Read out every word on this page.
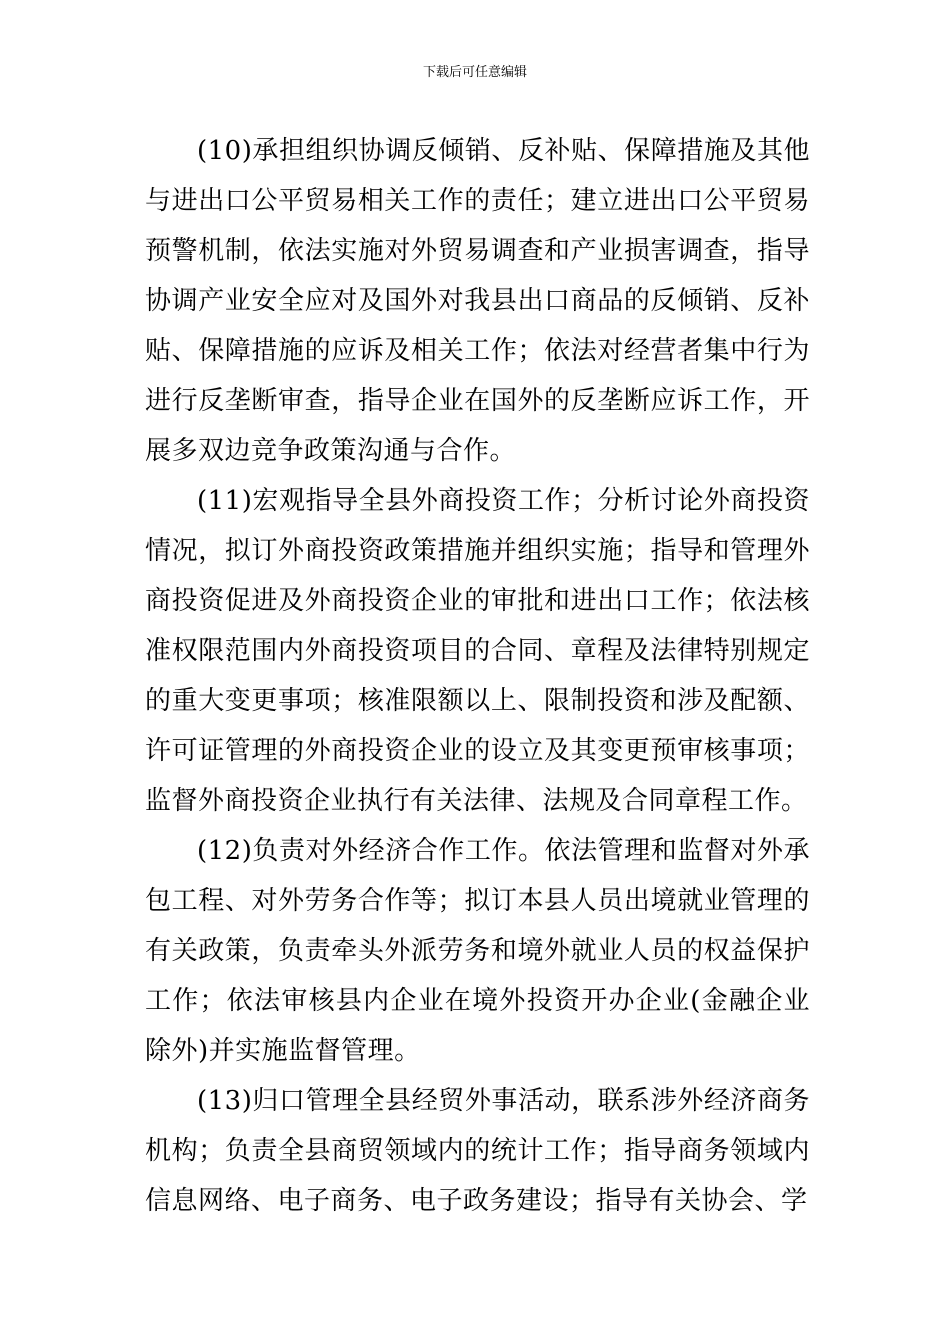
下载后可任意编辑

(10)承担组织协调反倾销、反补贴、保障措施及其他与进出口公平贸易相关工作的责任；建立进出口公平贸易预警机制，依法实施对外贸易调查和产业损害调查，指导协调产业安全应对及国外对我县出口商品的反倾销、反补贴、保障措施的应诉及相关工作；依法对经营者集中行为进行反垄断审查，指导企业在国外的反垄断应诉工作，开展多双边竞争政策沟通与合作。

(11)宏观指导全县外商投资工作；分析讨论外商投资情况，拟订外商投资政策措施并组织实施；指导和管理外商投资促进及外商投资企业的审批和进出口工作；依法核准权限范围内外商投资项目的合同、章程及法律特别规定的重大变更事项；核准限额以上、限制投资和涉及配额、许可证管理的外商投资企业的设立及其变更预审核事项；监督外商投资企业执行有关法律、法规及合同章程工作。

(12)负责对外经济合作工作。依法管理和监督对外承包工程、对外劳务合作等；拟订本县人员出境就业管理的有关政策，负责牵头外派劳务和境外就业人员的权益保护工作；依法审核县内企业在境外投资开办企业(金融企业除外)并实施监督管理。

(13)归口管理全县经贸外事活动，联系涉外经济商务机构；负责全县商贸领域内的统计工作；指导商务领域内信息网络、电子商务、电子政务建设；指导有关协会、学
